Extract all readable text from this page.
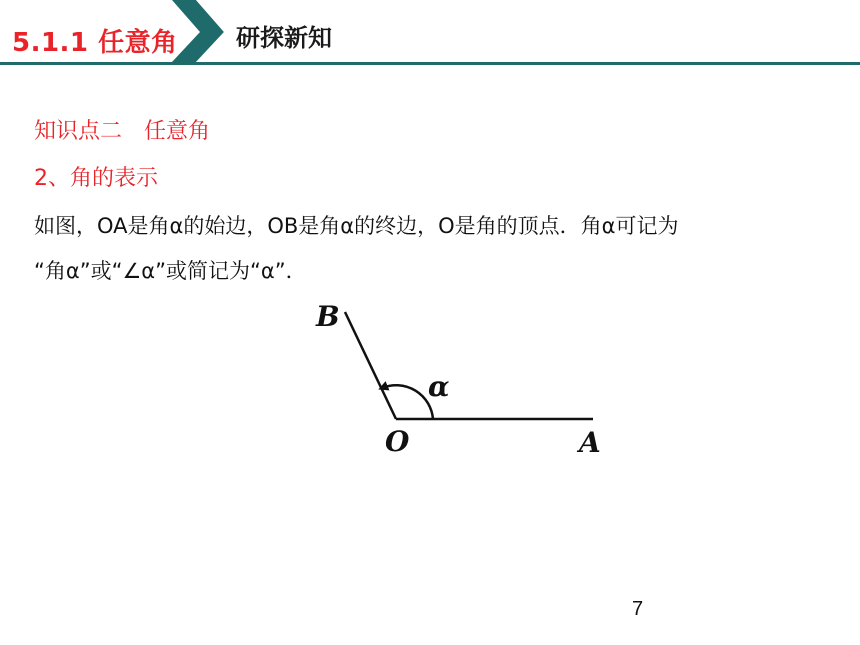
5.1.1 任意角 研探新知
知识点二　任意角
2、角的表示
如图，OA是角α的始边，OB是角α的终边，O是角的顶点．角α可记为
“角α”或“∠α”或简记为“α”．
B
O	A
α
7
